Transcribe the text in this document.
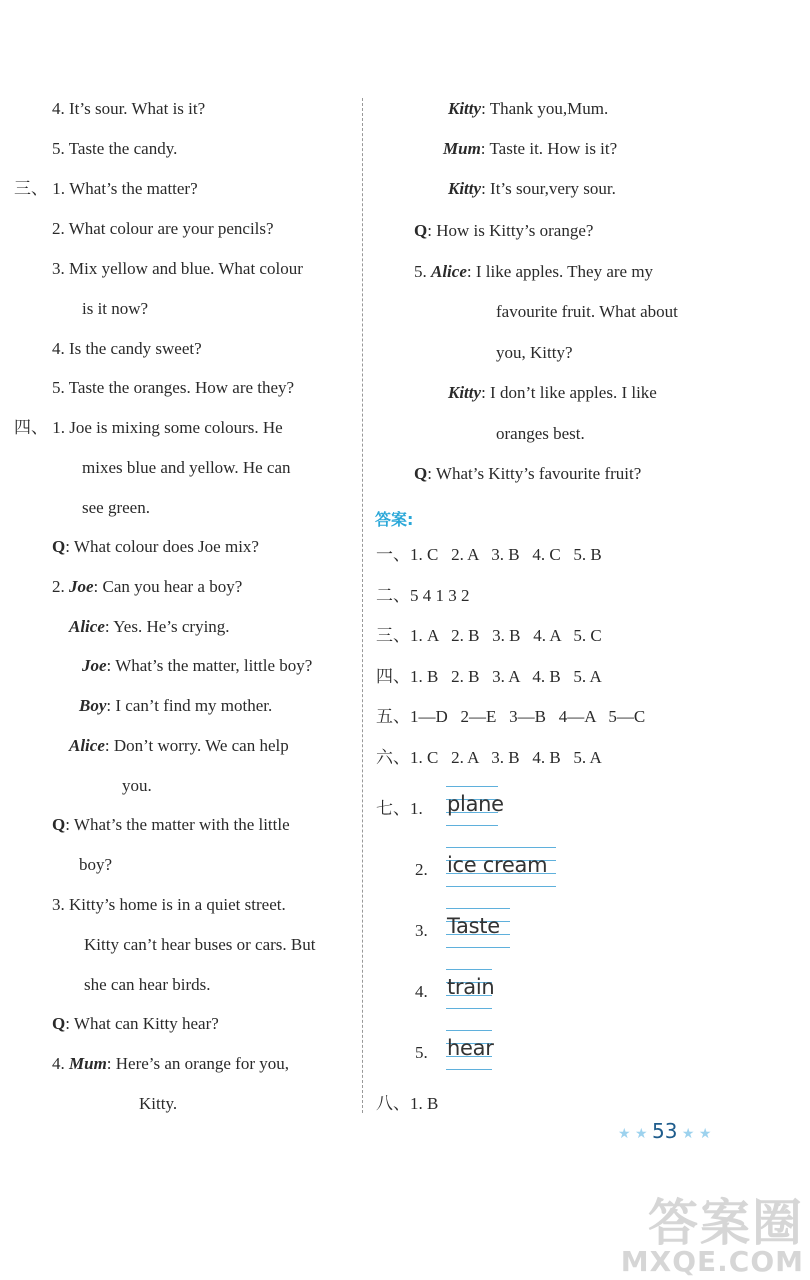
4. It’s sour. What is it?
5. Taste the candy.
三、 1. What’s the matter?
2. What colour are your pencils?
3. Mix yellow and blue. What colour
is it now?
4. Is the candy sweet?
5. Taste the oranges. How are they?
四、 1. Joe is mixing some colours. He
mixes blue and yellow. He can
see green.
Q: What colour does Joe mix?
2. Joe: Can you hear a boy?
Alice: Yes. He’s crying.
Joe: What’s the matter, little boy?
Boy: I can’t find my mother.
Alice: Don’t worry. We can help
you.
Q: What’s the matter with the little
boy?
3. Kitty’s home is in a quiet street.
Kitty can’t hear buses or cars. But
she can hear birds.
Q: What can Kitty hear?
4. Mum: Here’s an orange for you,
Kitty.
Kitty: Thank you,Mum.
Mum: Taste it. How is it?
Kitty: It’s sour,very sour.
Q: How is Kitty’s orange?
5. Alice: I like apples. They are my
favourite fruit. What about
you, Kitty?
Kitty: I don’t like apples. I like
oranges best.
Q: What’s Kitty’s favourite fruit?
答案:
一、1. C   2. A   3. B   4. C   5. B
二、5 4 1 3 2
三、1. A   2. B   3. B   4. A   5. C
四、1. B   2. B   3. A   4. B   5. A
五、1—D   2—E   3—B   4—A   5—C
六、1. C   2. A   3. B   4. B   5. A
七、1. plane
2. ice cream
3. Taste
4. train
5. hear
八、1. B
★ ★ 53 ★ ★
答案圈
MXQE.COM
